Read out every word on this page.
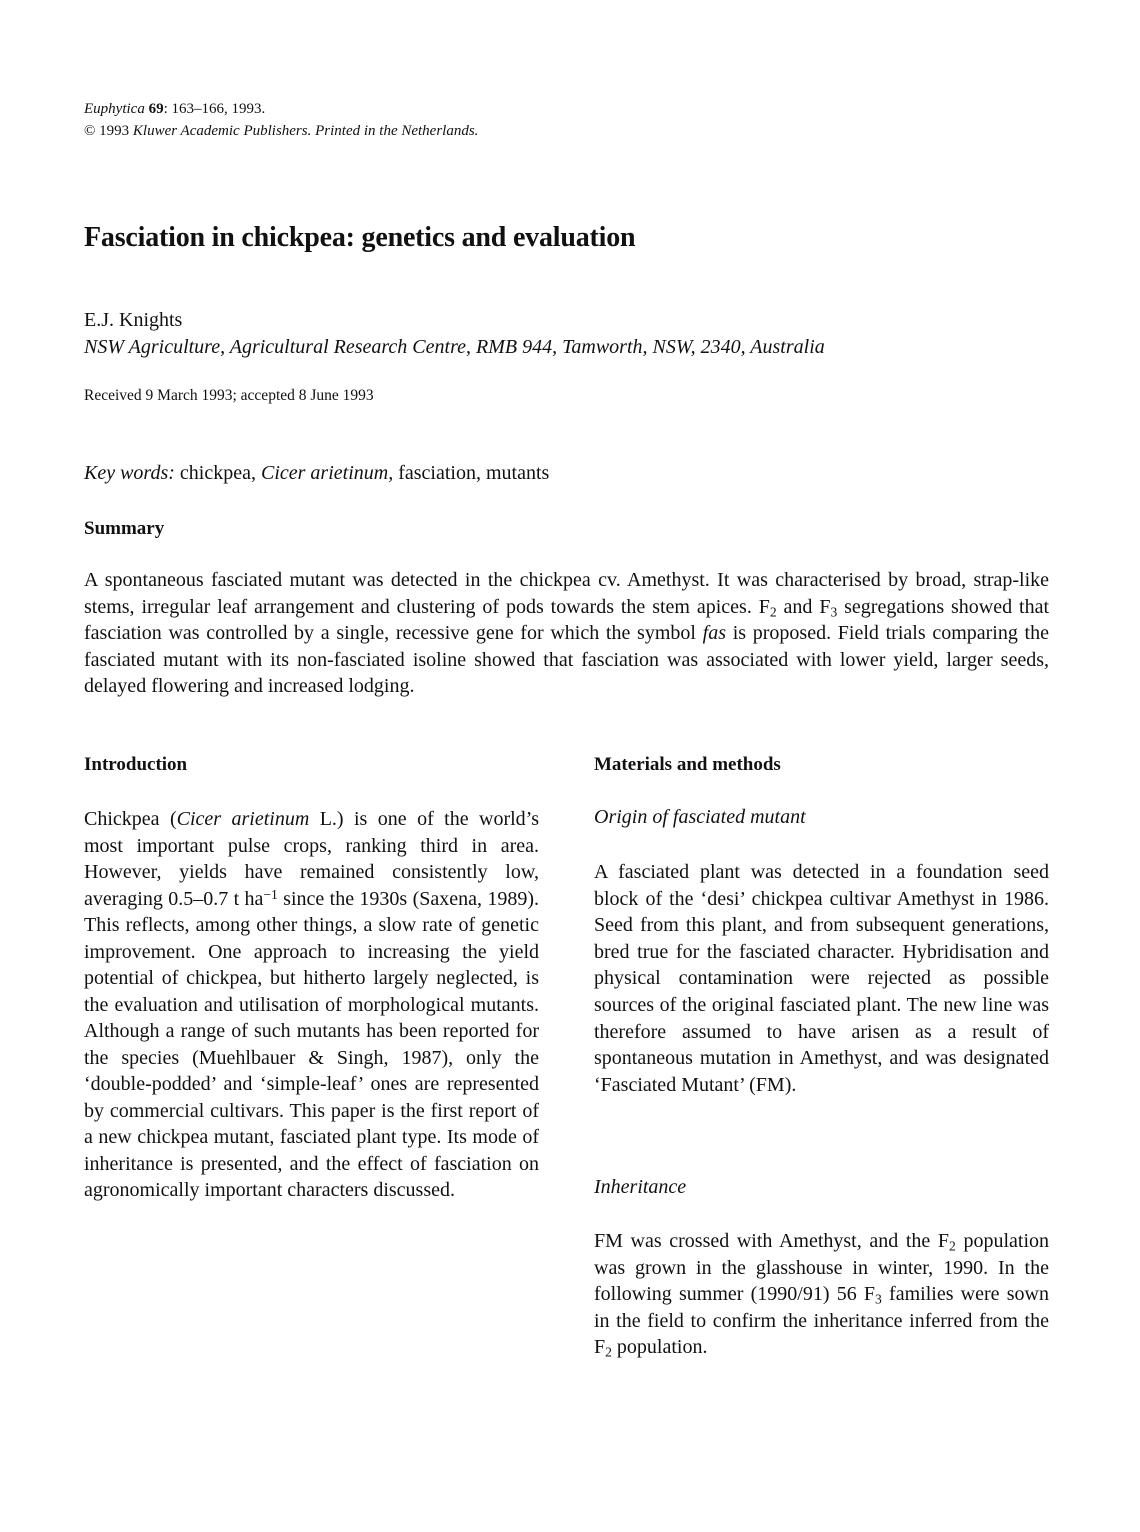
Euphytica 69: 163–166, 1993.
© 1993 Kluwer Academic Publishers. Printed in the Netherlands.
Fasciation in chickpea: genetics and evaluation
E.J. Knights
NSW Agriculture, Agricultural Research Centre, RMB 944, Tamworth, NSW, 2340, Australia
Received 9 March 1993; accepted 8 June 1993
Key words: chickpea, Cicer arietinum, fasciation, mutants
Summary

A spontaneous fasciated mutant was detected in the chickpea cv. Amethyst. It was characterised by broad, strap-like stems, irregular leaf arrangement and clustering of pods towards the stem apices. $F_2$ and $F_3$ segregations showed that fasciation was controlled by a single, recessive gene for which the symbol fas is proposed. Field trials comparing the fasciated mutant with its non-fasciated isoline showed that fasciation was associated with lower yield, larger seeds, delayed flowering and increased lodging.

Introduction

Chickpea (Cicer arietinum L.) is one of the world’s most important pulse crops, ranking third in area. However, yields have remained consistently low, averaging 0.5–0.7 t $ha^{-1}$ since the 1930s (Saxena, 1989). This reflects, among other things, a slow rate of genetic improvement. One approach to increasing the yield potential of chickpea, but hitherto largely neglected, is the evaluation and utilisation of morphological mutants. Although a range of such mutants has been reported for the species (Muehlbauer & Singh, 1987), only the ‘double-podded’ and ‘simple-leaf’ ones are represented by commercial cultivars. This paper is the first report of a new chickpea mutant, fasciated plant type. Its mode of inheritance is presented, and the effect of fasciation on agronomically important characters discussed.

Materials and methods
Origin of fasciated mutant

A fasciated plant was detected in a foundation seed block of the ‘desi’ chickpea cultivar Amethyst in 1986. Seed from this plant, and from subsequent generations, bred true for the fasciated character. Hybridisation and physical contamination were rejected as possible sources of the original fasciated plant. The new line was therefore assumed to have arisen as a result of spontaneous mutation in Amethyst, and was designated ‘Fasciated Mutant’ (FM).

Inheritance

FM was crossed with Amethyst, and the $F_2$ population was grown in the glasshouse in winter, 1990. In the following summer (1990/91) 56 $F_3$ families were sown in the field to confirm the inheritance inferred from the $F_2$ population.
